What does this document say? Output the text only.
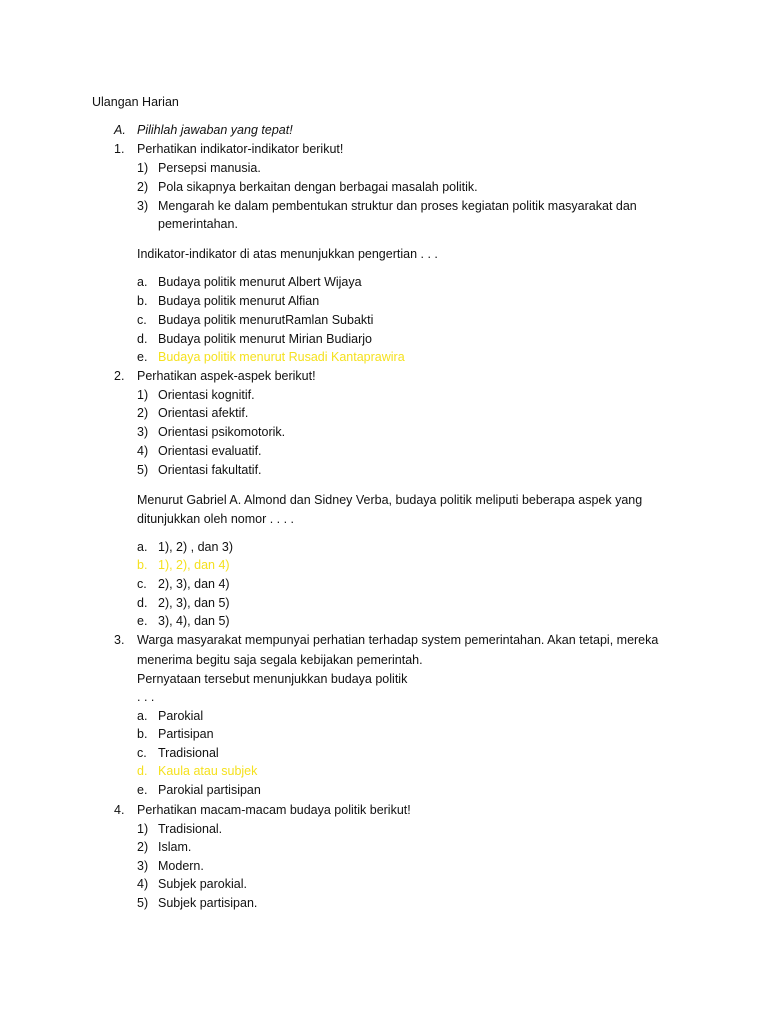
Ulangan Harian
A. Pilihlah jawaban yang tepat!
1. Perhatikan indikator-indikator berikut!
1) Persepsi manusia.
2) Pola sikapnya berkaitan dengan berbagai masalah politik.
3) Mengarah ke dalam pembentukan struktur dan proses kegiatan politik masyarakat dan
pemerintahan.
Indikator-indikator di atas menunjukkan pengertian . . .
a. Budaya politik menurut Albert Wijaya
b. Budaya politik menurut Alfian
c. Budaya politik menurutRamlan Subakti
d. Budaya politik menurut Mirian Budiarjo
e. Budaya politik menurut Rusadi Kantaprawira
2. Perhatikan aspek-aspek berikut!
1) Orientasi kognitif.
2) Orientasi afektif.
3) Orientasi psikomotorik.
4) Orientasi evaluatif.
5) Orientasi fakultatif.
Menurut Gabriel A. Almond dan Sidney Verba, budaya politik meliputi beberapa aspek yang
ditunjukkan oleh nomor . . . .
a. 1), 2) , dan 3)
b. 1), 2), dan 4)
c. 2), 3), dan 4)
d. 2), 3), dan 5)
e. 3), 4), dan 5)
3. Warga masyarakat mempunyai perhatian terhadap system pemerintahan. Akan tetapi, mereka
menerima begitu saja segala kebijakan pemerintah.
Pernyataan tersebut menunjukkan budaya politik
. . .
a. Parokial
b. Partisipan
c. Tradisional
d. Kaula atau subjek
e. Parokial partisipan
4. Perhatikan macam-macam budaya politik berikut!
1) Tradisional.
2) Islam.
3) Modern.
4) Subjek parokial.
5) Subjek partisipan.
